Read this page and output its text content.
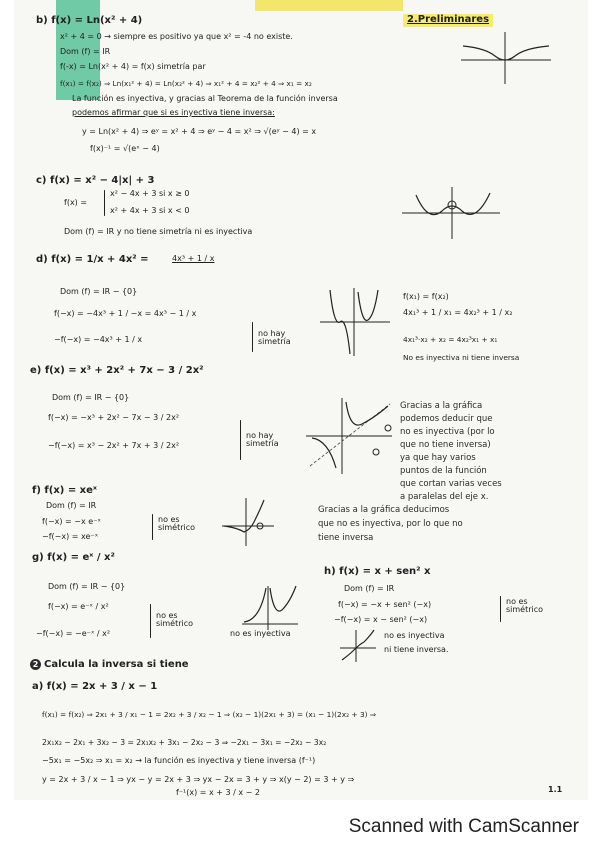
2.Preliminares
b) f(x) = Ln(x² + 4)
x² + 4 = 0 → siempre es positivo ya que x² = -4 no existe.
Dom (f) = IR
f(-x) = Ln(x² + 4) = f(x) simetría par
f(x₁) = f(x₂) ⇒ Ln(x₁² + 4) = Ln(x₂² + 4) ⇒ x₁² + 4 = x₂² + 4 ⇒ x₁ = x₂
La función es inyectiva, y gracias al Teorema de la función inversa
podemos afirmar que si es inyectiva tiene inversa:
y = Ln(x² + 4) ⇒ eʸ = x² + 4 ⇒ eʸ − 4 = x² ⇒ √(eʸ − 4) = x
f(x)⁻¹ = √(eˣ − 4)
c) f(x) = x² − 4|x| + 3
f(x) =
x² − 4x + 3 si x ≥ 0
x² + 4x + 3 si x < 0
Dom (f) = IR y no tiene simetría ni es inyectiva
d) f(x) = 1/x + 4x² =	4x³ + 1 / x
Dom (f) = IR − {0}
f(−x) = −4x³ + 1 / −x = 4x³ − 1 / x
−f(−x) = −4x³ + 1 / x
no hay simetría
f(x₁) = f(x₂)
4x₁³ + 1 / x₁ = 4x₂³ + 1 / x₂
4x₁³·x₂ + x₂ = 4x₂³x₁ + x₁
No es inyectiva ni tiene inversa
e) f(x) = x³ + 2x² + 7x − 3 / 2x²
Dom (f) = IR − {0}
f(−x) = −x³ + 2x² − 7x − 3 / 2x²
−f(−x) = x³ − 2x² + 7x + 3 / 2x²
no hay simetría
Gracias a la gráfica
podemos deducir que
no es inyectiva (por lo
que no tiene inversa)
ya que hay varios
puntos de la función
que cortan varias veces
a paralelas del eje x.
f) f(x) = xeˣ
Dom (f) = IR
f(−x) = −x e⁻ˣ
−f(−x) = xe⁻ˣ
no es simétrico
Gracias a la gráfica deducimos
que no es inyectiva, por lo que no
tiene inversa
g) f(x) = eˣ / x²
Dom (f) = IR − {0}
f(−x) = e⁻ˣ / x²
−f(−x) = −e⁻ˣ / x²
no es simétrico
no es inyectiva
h) f(x) = x + sen² x
Dom (f) = IR
f(−x) = −x + sen² (−x)
−f(−x) = x − sen² (−x)
no es simétrico
no es inyectiva
ni tiene inversa.
2 Calcula la inversa si tiene
a) f(x) = 2x + 3 / x − 1
f(x₁) = f(x₂) ⇒ 2x₁ + 3 / x₁ − 1 = 2x₂ + 3 / x₂ − 1 ⇒ (x₂ − 1)(2x₁ + 3) = (x₁ − 1)(2x₂ + 3) ⇒
2x₁x₂ − 2x₁ + 3x₂ − 3 = 2x₁x₂ + 3x₁ − 2x₂ − 3 ⇒ −2x₁ − 3x₁ = −2x₂ − 3x₂
−5x₁ = −5x₂ ⇒ x₁ = x₂ → la función es inyectiva y tiene inversa (f⁻¹)
y = 2x + 3 / x − 1 ⇒ yx − y = 2x + 3 ⇒ yx − 2x = 3 + y ⇒ x(y − 2) = 3 + y ⇒
f⁻¹(x) = x + 3 / x − 2	1.1
Scanned with CamScanner
